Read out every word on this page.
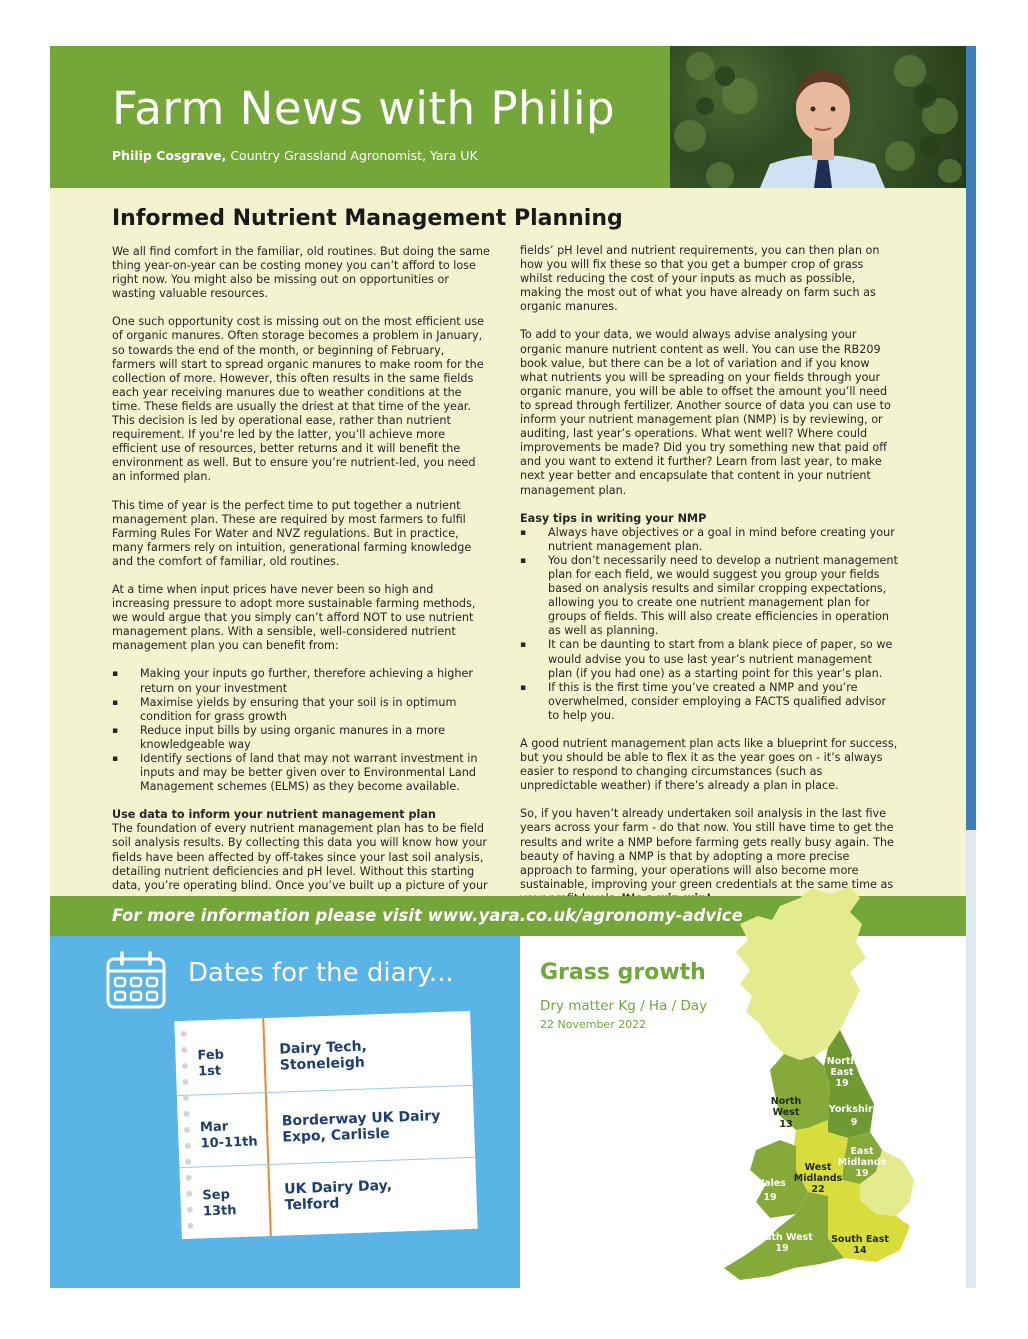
Farm News with Philip
Philip Cosgrave, Country Grassland Agronomist, Yara UK
Informed Nutrient Management Planning

We all find comfort in the familiar, old routines. But doing the same thing year-on-year can be costing money you can’t afford to lose right now. You might also be missing out on opportunities or wasting valuable resources.

One such opportunity cost is missing out on the most efficient use of organic manures. Often storage becomes a problem in January, so towards the end of the month, or beginning of February, farmers will start to spread organic manures to make room for the collection of more. However, this often results in the same fields each year receiving manures due to weather conditions at the time. These fields are usually the driest at that time of the year. This decision is led by operational ease, rather than nutrient requirement. If you’re led by the latter, you’ll achieve more efficient use of resources, better returns and it will benefit the environment as well. But to ensure you’re nutrient-led, you need an informed plan.

This time of year is the perfect time to put together a nutrient management plan. These are required by most farmers to fulfil Farming Rules For Water and NVZ regulations. But in practice, many farmers rely on intuition, generational farming knowledge and the comfort of familiar, old routines.

At a time when input prices have never been so high and increasing pressure to adopt more sustainable farming methods, we would argue that you simply can’t afford NOT to use nutrient management plans. With a sensible, well-considered nutrient management plan you can benefit from:

▪ Making your inputs go further, therefore achieving a higher return on your investment
▪ Maximise yields by ensuring that your soil is in optimum condition for grass growth
▪ Reduce input bills by using organic manures in a more knowledgeable way
▪ Identify sections of land that may not warrant investment in inputs and may be better given over to Environmental Land Management schemes (ELMS) as they become available.
Use data to inform your nutrient management plan

The foundation of every nutrient management plan has to be field soil analysis results. By collecting this data you will know how your fields have been affected by off-takes since your last soil analysis, detailing nutrient deficiencies and pH level. Without this starting data, you’re operating blind. Once you’ve built up a picture of your

fields’ pH level and nutrient requirements, you can then plan on how you will fix these so that you get a bumper crop of grass whilst reducing the cost of your inputs as much as possible, making the most out of what you have already on farm such as organic manures.

To add to your data, we would always advise analysing your organic manure nutrient content as well. You can use the RB209 book value, but there can be a lot of variation and if you know what nutrients you will be spreading on your fields through your organic manure, you will be able to offset the amount you’ll need to spread through fertilizer. Another source of data you can use to inform your nutrient management plan (NMP) is by reviewing, or auditing, last year’s operations. What went well? Where could improvements be made? Did you try something new that paid off and you want to extend it further? Learn from last year, to make next year better and encapsulate that content in your nutrient management plan.

Easy tips in writing your NMP
▪ Always have objectives or a goal in mind before creating your nutrient management plan.
▪ You don’t necessarily need to develop a nutrient management plan for each field, we would suggest you group your fields based on analysis results and similar cropping expectations, allowing you to create one nutrient management plan for groups of fields. This will also create efficiencies in operation as well as planning.
▪ It can be daunting to start from a blank piece of paper, so we would advise you to use last year’s nutrient management plan (if you had one) as a starting point for this year’s plan.
▪ If this is the first time you’ve created a NMP and you’re overwhelmed, consider employing a FACTS qualified advisor to help you.

A good nutrient management plan acts like a blueprint for success, but you should be able to flex it as the year goes on - it’s always easier to respond to changing circumstances (such as unpredictable weather) if there’s already a plan in place.

So, if you haven’t already undertaken soil analysis in the last five years across your farm - do that now. You still have time to get the results and write a NMP before farming gets really busy again. The beauty of having a NMP is that by adopting a more precise approach to farming, your operations will also become more sustainable, improving your green credentials at the same time as

For more information please visit www.yara.co.uk/agronomy-advice
Dates for the diary...
Feb
1st
Dairy Tech,
Stoneleigh
Mar
10-11th
Borderway UK Dairy
Expo, Carlisle
Sep
13th
UK Dairy Day,
Telford
Grass growth
Dry matter Kg / Ha / Day
22 November 2022
North
East
19
Yorkshire
9
East
Midlands
19
Wales
19
South West
19
North
West
13
West
Midlands
22
South East
14
